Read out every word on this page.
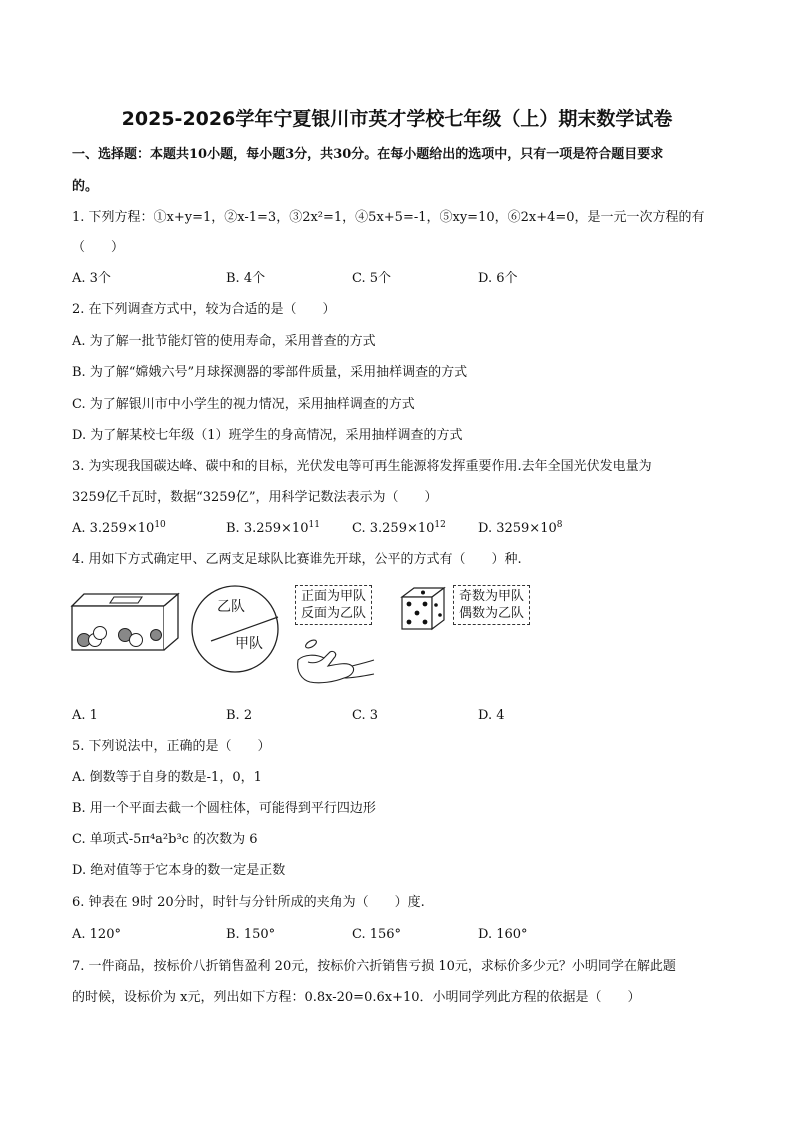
2025-2026学年宁夏银川市英才学校七年级（上）期末数学试卷
一、选择题：本题共10小题，每小题3分，共30分。在每小题给出的选项中，只有一项是符合题目要求
的。
1. 下列方程：①x+y=1，②x-1=3，③2x²=1，④5x+5=-1，⑤xy=10，⑥2x+4=0，是一元一次方程的有
（　　）
A. 3个	B. 4个	C. 5个	D. 6个
2. 在下列调查方式中，较为合适的是（　　）
A. 为了解一批节能灯管的使用寿命，采用普查的方式
B. 为了解“嫦娥六号”月球探测器的零部件质量，采用抽样调查的方式
C. 为了解银川市中小学生的视力情况，采用抽样调查的方式
D. 为了解某校七年级（1）班学生的身高情况，采用抽样调查的方式
3. 为实现我国碳达峰、碳中和的目标，光伏发电等可再生能源将发挥重要作用.去年全国光伏发电量为
3259亿千瓦时，数据“3259亿”，用科学记数法表示为（　　）
A. $3.259\times 10^{10}$	B. $3.259\times 10^{11}$ C. $3.259\times 10^{12}$ D. $3259\times 10^8$
4. 用如下方式确定甲、乙两支足球队比赛谁先开球，公平的方式有（　　）种.
乙队
甲队
正面为甲队
反面为乙队
奇数为甲队
偶数为乙队
A. 1	B. 2	C. 3	D. 4
5. 下列说法中，正确的是（　　）
A. 倒数等于自身的数是-1，0，1
B. 用一个平面去截一个圆柱体，可能得到平行四边形
C. 单项式-5π⁴a²b³c 的次数为 6
D. 绝对值等于它本身的数一定是正数
6. 钟表在 9时 20分时，时针与分针所成的夹角为（　　）度.
A. 120°	B. 150°	C. 156°	D. 160°
7. 一件商品，按标价八折销售盈利 20元，按标价六折销售亏损 10元，求标价多少元？小明同学在解此题
的时候，设标价为 x元，列出如下方程：0.8x-20=0.6x+10．小明同学列此方程的依据是（　　）
